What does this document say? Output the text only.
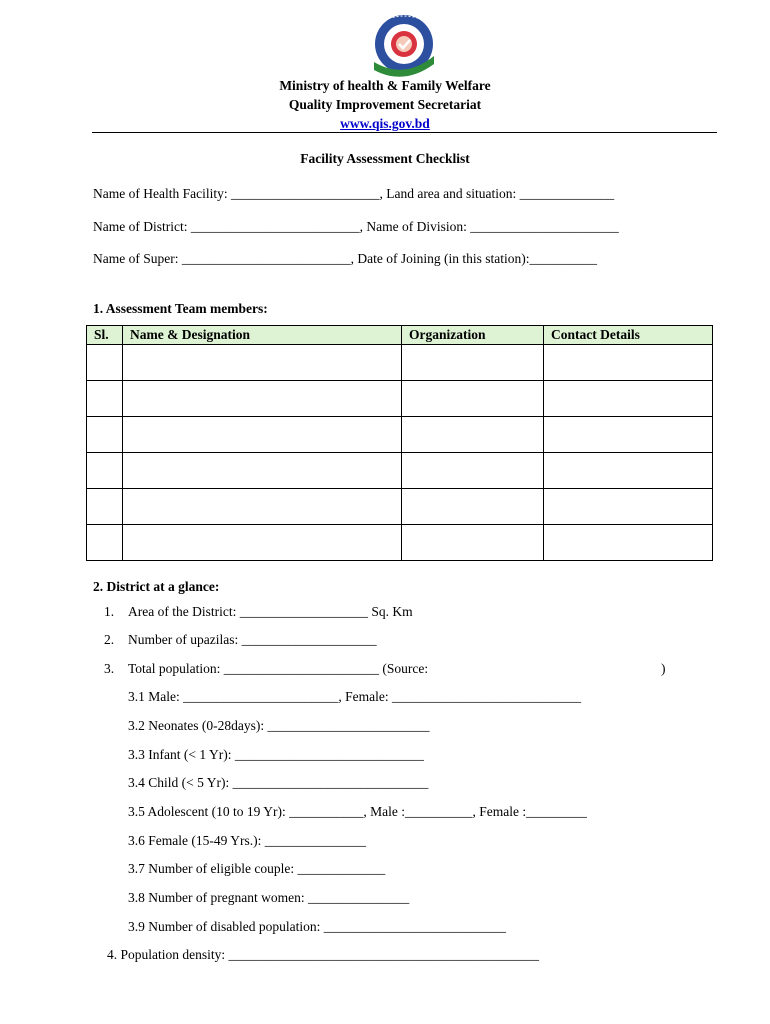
Ministry of health & Family Welfare
Quality Improvement Secretariat
www.qis.gov.bd
Facility Assessment Checklist
Name of Health Facility: ______________________, Land area and situation: ______________
Name of District: _________________________, Name of Division: ______________________
Name of Super: _________________________, Date of Joining (in this station):__________
1. Assessment Team members:
Sl.	Name & Designation	Organization	Contact Details

2. District at a glance:
1. Area of the District: ___________________ Sq. Km
2. Number of upazilas: ____________________
3. Total population: _______________________ (Source:	)
3.1 Male: _______________________, Female: ____________________________
3.2 Neonates (0-28days): ________________________
3.3 Infant (< 1 Yr): ____________________________
3.4 Child (< 5 Yr): _____________________________
3.5 Adolescent (10 to 19 Yr): ___________, Male :__________, Female :_________
3.6 Female (15-49 Yrs.): _______________
3.7 Number of eligible couple: _____________
3.8 Number of pregnant women: _______________
3.9 Number of disabled population: ___________________________
4. Population density: ______________________________________________
